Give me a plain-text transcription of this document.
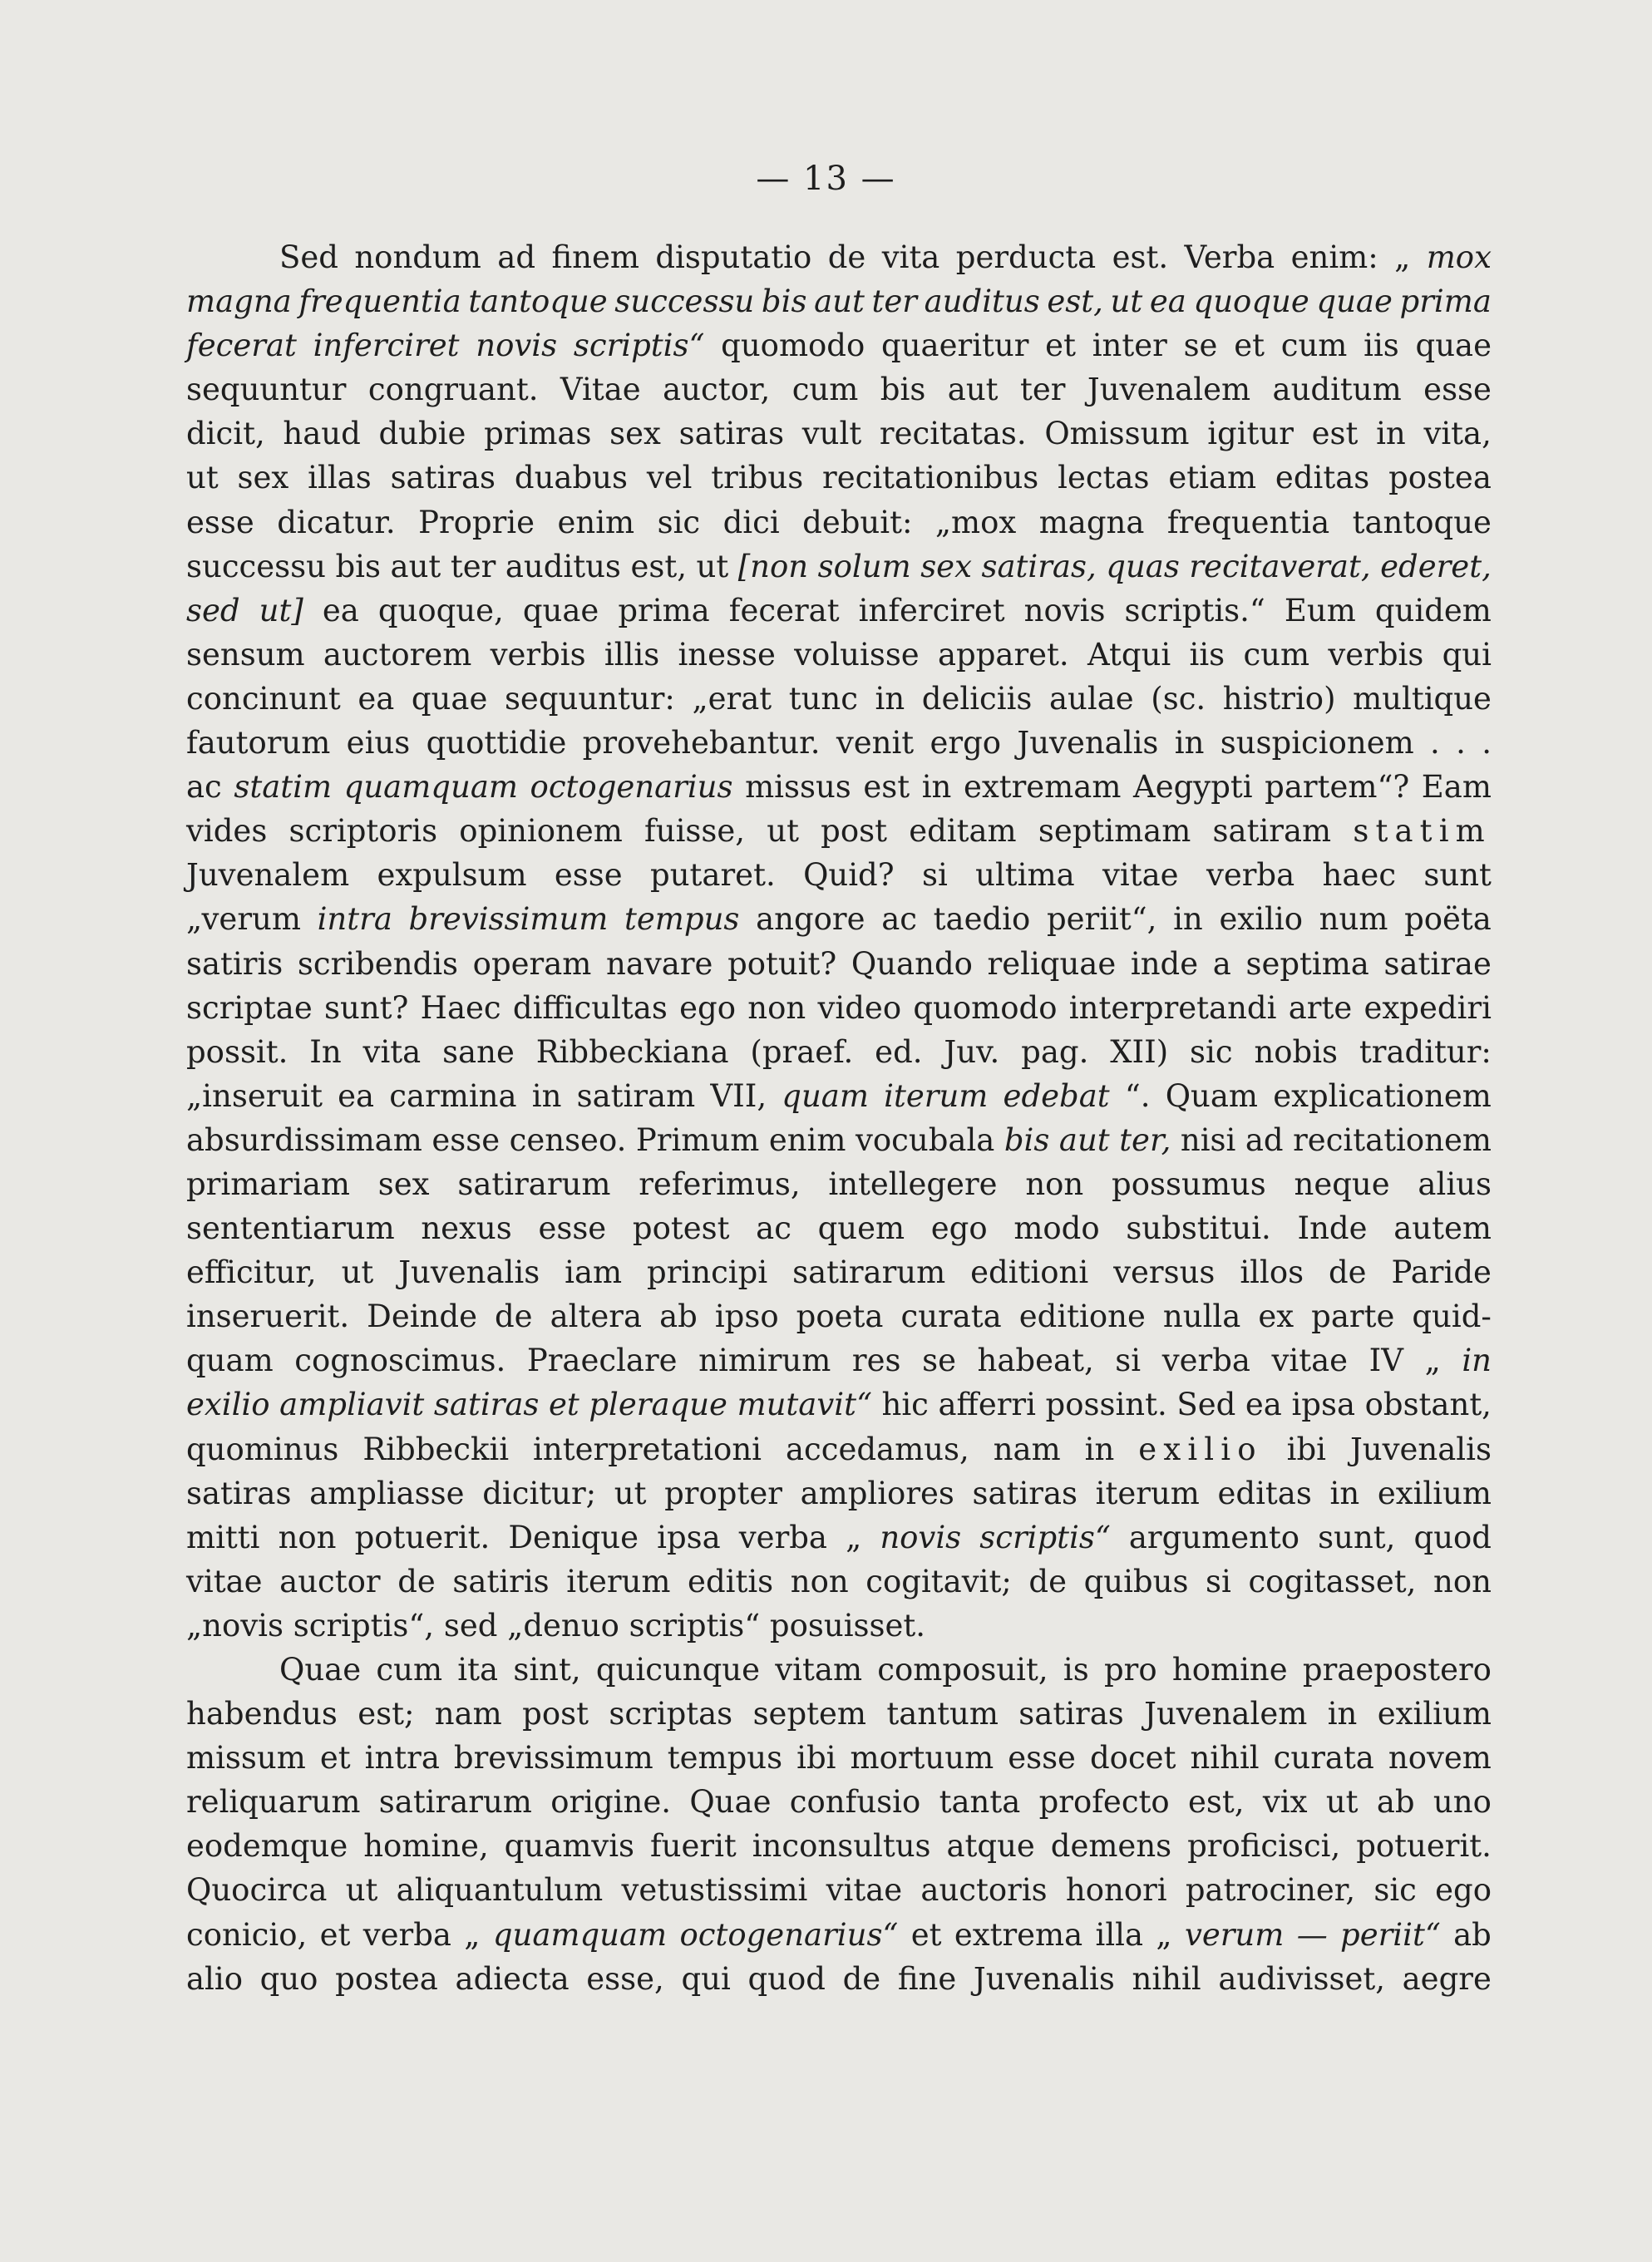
— 13 —
Sed nondum ad finem disputatio de vita perducta est. Verba enim: „ mox
magna frequentia tantoque successu bis aut ter auditus est, ut ea quoque quae prima
fecerat inferciret novis scriptis“ quomodo quaeritur et inter se et cum iis quae
sequuntur congruant. Vitae auctor, cum bis aut ter Juvenalem auditum esse
dicit, haud dubie primas sex satiras vult recitatas. Omissum igitur est in vita,
ut sex illas satiras duabus vel tribus recitationibus lectas etiam editas postea
esse dicatur. Proprie enim sic dici debuit: „mox magna frequentia tantoque
successu bis aut ter auditus est, ut [non solum sex satiras, quas recitaverat, ederet,
sed ut] ea quoque, quae prima fecerat inferciret novis scriptis.“ Eum quidem
sensum auctorem verbis illis inesse voluisse apparet. Atqui iis cum verbis qui
concinunt ea quae sequuntur: „erat tunc in deliciis aulae (sc. histrio) multique
fautorum eius quottidie provehebantur. venit ergo Juvenalis in suspicionem . . .
ac statim quamquam octogenarius missus est in extremam Aegypti partem“? Eam
vides scriptoris opinionem fuisse, ut post editam septimam satiram statim
Juvenalem expulsum esse putaret. Quid? si ultima vitae verba haec sunt
„verum intra brevissimum tempus angore ac taedio periit“, in exilio num poëta
satiris scribendis operam navare potuit? Quando reliquae inde a septima satirae
scriptae sunt? Haec difficultas ego non video quomodo interpretandi arte expediri
possit. In vita sane Ribbeckiana (praef. ed. Juv. pag. XII) sic nobis traditur:
„inseruit ea carmina in satiram VII, quam iterum edebat “. Quam explicationem
absurdissimam esse censeo. Primum enim vocubala bis aut ter, nisi ad recitationem
primariam sex satirarum referimus, intellegere non possumus neque alius
sententiarum nexus esse potest ac quem ego modo substitui. Inde autem
efficitur, ut Juvenalis iam principi satirarum editioni versus illos de Paride
inseruerit. Deinde de altera ab ipso poeta curata editione nulla ex parte quid-
quam cognoscimus. Praeclare nimirum res se habeat, si verba vitae IV „ in
exilio ampliavit satiras et pleraque mutavit“ hic afferri possint. Sed ea ipsa obstant,
quominus Ribbeckii interpretationi accedamus, nam in exilio ibi Juvenalis
satiras ampliasse dicitur; ut propter ampliores satiras iterum editas in exilium
mitti non potuerit. Denique ipsa verba „ novis scriptis“ argumento sunt, quod
vitae auctor de satiris iterum editis non cogitavit; de quibus si cogitasset, non
„novis
scriptis“,
sed
„denuo
scriptis“
posuisset.
Quae cum ita sint, quicunque vitam composuit, is pro homine praepostero
habendus est; nam post scriptas septem tantum satiras Juvenalem in exilium
missum et intra brevissimum tempus ibi mortuum esse docet nihil curata novem
reliquarum satirarum origine. Quae confusio tanta profecto est, vix ut ab uno
eodemque homine, quamvis fuerit inconsultus atque demens proficisci, potuerit.
Quocirca ut aliquantulum vetustissimi vitae auctoris honori patrociner, sic ego
conicio, et verba „ quamquam octogenarius“ et extrema illa „ verum — periit“ ab
alio quo postea adiecta esse, qui quod de fine Juvenalis nihil audivisset, aegre
